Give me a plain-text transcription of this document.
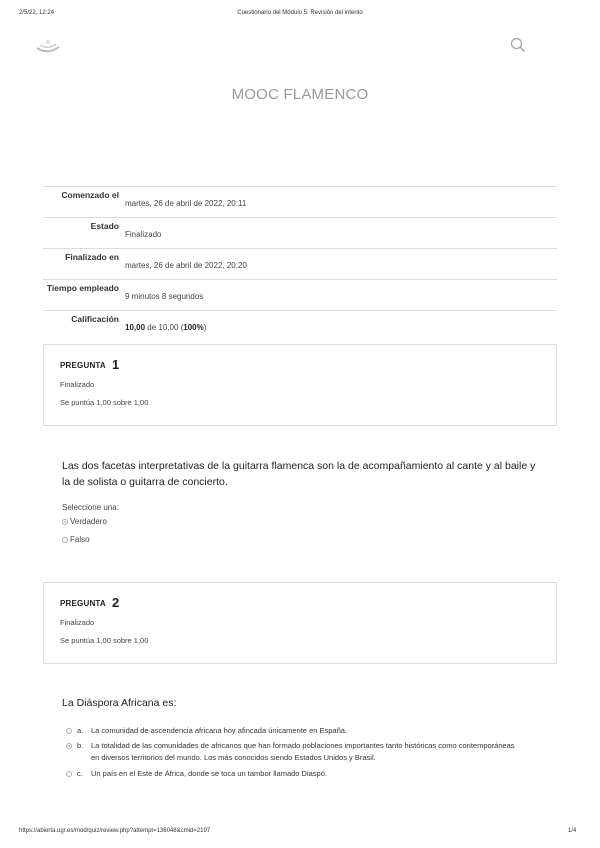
2/5/22, 12:24	Cuestionario del Módulo 5: Revisión del intento
MOOC FLAMENCO
Comenzado el
martes, 26 de abril de 2022, 20:11
Estado
Finalizado
Finalizado en
martes, 26 de abril de 2022, 20:20
Tiempo empleado
9 minutos 8 segundos
Calificación
10,00 de 10,00 (100%)
PREGUNTA 1
Finalizado
Se puntúa 1,00 sobre 1,00
Las dos facetas interpretativas de la guitarra flamenca son la de acompañamiento al cante y al baile y la de solista o guitarra de concierto.
Seleccione una:
Verdadero
Falso
PREGUNTA 2
Finalizado
Se puntúa 1,00 sobre 1,00
La Diáspora Africana es:
a. La comunidad de ascendencia africana hoy afincada únicamente en España.
b. La totalidad de las comunidades de africanos que han formado poblaciones importantes tanto históricas como contemporáneas en diversos territorios del mundo. Los más conocidos siendo Estados Unidos y Brasil.
c. Un país en el Este de África, donde se toca un tambor llamado Diaspó.
https://abierta.ugr.es/mod/quiz/review.php?attempt=136048&cmid=2197	1/4
